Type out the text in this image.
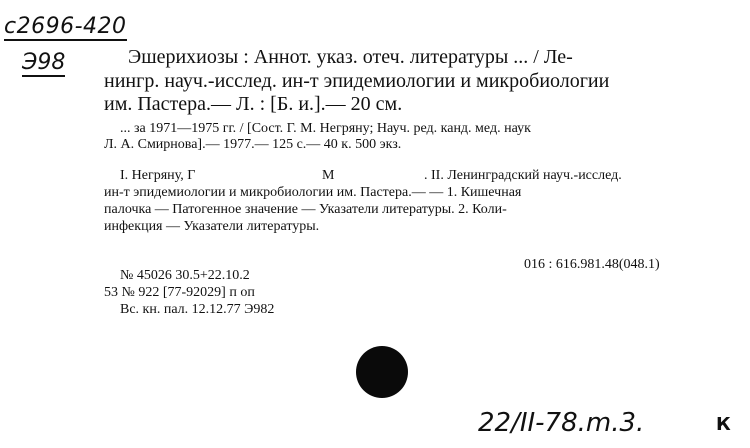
с2696-420
Э98	Эшерихиозы : Аннот. указ. отеч. литературы ... / Ле-
нингр. науч.-исслед. ин-т эпидемиологии и микробиологии
им. Пастера.— Л. : [Б. и.].— 20 см.
... за 1971—1975 гг. / [Сост. Г. М. Негряну; Науч. ред. канд. мед. наук
Л. А. Смирнова].— 1977.— 125 с.— 40 к. 500 экз.
I. Негряну, Г	М	. II. Ленинградский науч.-исслед.
ин-т эпидемиологии и микробиологии им. Пастера.— — 1. Кишечная
палочка — Патогенное значение — Указатели литературы. 2. Коли-
инфекция — Указатели литературы.
016 : 616.981.48(048.1)
№ 45026 30.5+22.10.2
53 № 922 [77-92029] п оп
Вс. кн. пал. 12.12.77 Э982
22/II-78.m.3.	К
